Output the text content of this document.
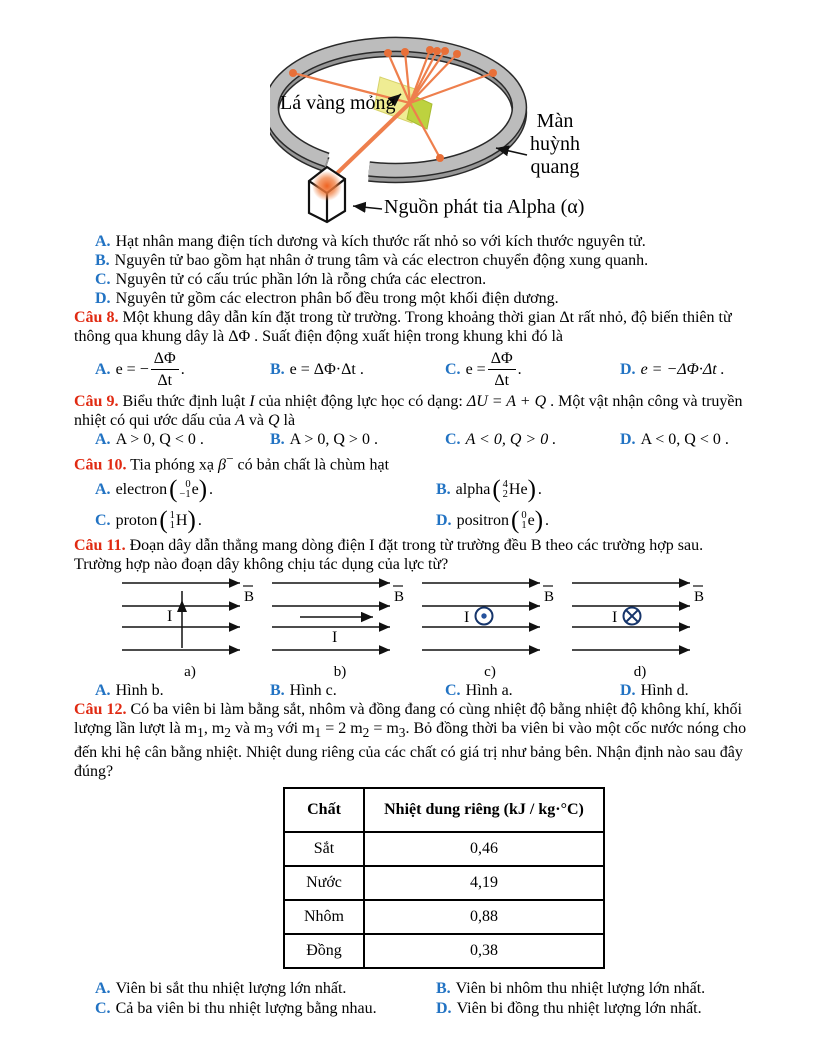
Lá vàng mỏng
Màn
huỳnh
quang
Nguồn phát tia Alpha (α)
A. Hạt nhân mang điện tích dương và kích thước rất nhỏ so với kích thước nguyên tử.
B. Nguyên tử bao gồm hạt nhân ở trung tâm và các electron chuyển động xung quanh.
C. Nguyên tử có cấu trúc phần lớn là rỗng chứa các electron.
D. Nguyên tử gồm các electron phân bố đều trong một khối điện dương.

Câu 8. Một khung dây dẫn kín đặt trong từ trường. Trong khoảng thời gian Δt rất nhỏ, độ biến thiên từ thông qua khung dây là ΔΦ . Suất điện động xuất hiện trong khung khi đó là

A. e = − $\frac{\Delta\Phi}{\Delta t}$ .	B. e = ΔΦ·Δt .	C. $e = \frac{\Delta\Phi}{\Delta t}$ .	D. e = −ΔΦ·Δt .

Câu 9. Biểu thức định luật I của nhiệt động lực học có dạng: ΔU = A + Q . Một vật nhận công và truyền nhiệt có qui ước dấu của A và Q là

A. A > 0, Q < 0 .	B. A > 0, Q > 0 .	C. A < 0, Q > 0 .	D. A < 0, Q < 0 .

Câu 10. Tia phóng xạ β− có bản chất là chùm hạt

A. electron ( 0
−1 e ) .	B. alpha ( 4
2 He ) .
C. proton ( 1
1 H ) .	D. positron ( 0
1 e ) .

Câu 11. Đoạn dây dẫn thẳng mang dòng điện I đặt trong từ trường đều B theo các trường hợp sau. Trường hợp nào đoạn dây không chịu tác dụng của lực từ?

B
I
a)
B
I
b)
B
I
c)
B
I
d)
A. Hình b.	B. Hình c.	C. Hình a.	D. Hình d.

Câu 12. Có ba viên bi làm bằng sắt, nhôm và đồng đang có cùng nhiệt độ bằng nhiệt độ không khí, khối lượng lần lượt là $m_1$, $m_2$ và $m_3$ với $m_1 = 2$ $m_2 = m_3$. Bỏ đồng thời ba viên bi vào một cốc nước nóng cho đến khi hệ cân bằng nhiệt. Nhiệt dung riêng của các chất có giá trị như bảng bên. Nhận định nào sau đây đúng?

Chất	Nhiệt dung riêng (kJ / kg·°C)
Sắt	0,46
Nước	4,19
Nhôm	0,88
Đồng	0,38
A. Viên bi sắt thu nhiệt lượng lớn nhất.	B. Viên bi nhôm thu nhiệt lượng lớn nhất.
C. Cả ba viên bi thu nhiệt lượng bằng nhau.	D. Viên bi đồng thu nhiệt lượng lớn nhất.
